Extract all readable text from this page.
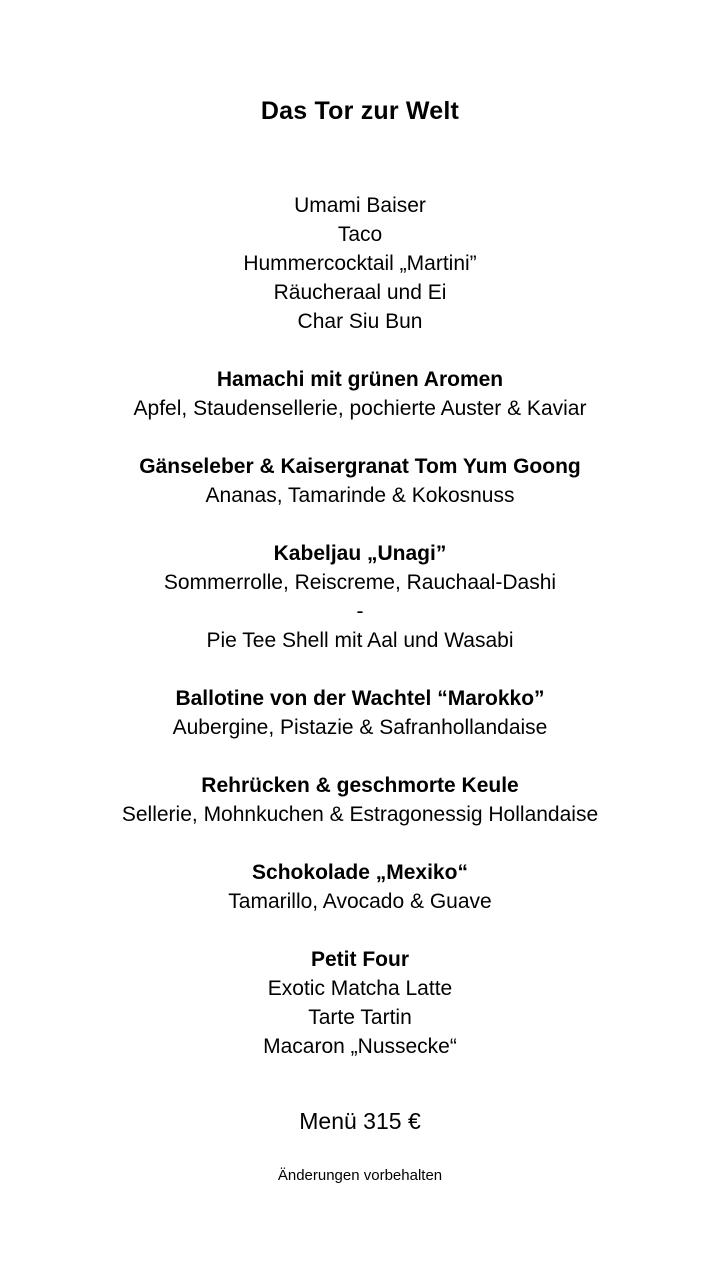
Das Tor zur Welt
Umami Baiser
Taco
Hummercocktail „Martini”
Räucheraal und Ei
Char Siu Bun
Hamachi mit grünen Aromen
Apfel, Staudensellerie, pochierte Auster & Kaviar
Gänseleber & Kaisergranat Tom Yum Goong
Ananas, Tamarinde & Kokosnuss
Kabeljau „Unagi”
Sommerrolle, Reiscreme, Rauchaal-Dashi
-
Pie Tee Shell mit Aal und Wasabi
Ballotine von der Wachtel “Marokko”
Aubergine, Pistazie & Safranhollandaise
Rehrücken & geschmorte Keule
Sellerie, Mohnkuchen & Estragonessig Hollandaise
Schokolade „Mexiko“
Tamarillo, Avocado & Guave
Petit Four
Exotic Matcha Latte
Tarte Tartin
Macaron „Nussecke“
Menü 315 €
Änderungen vorbehalten
